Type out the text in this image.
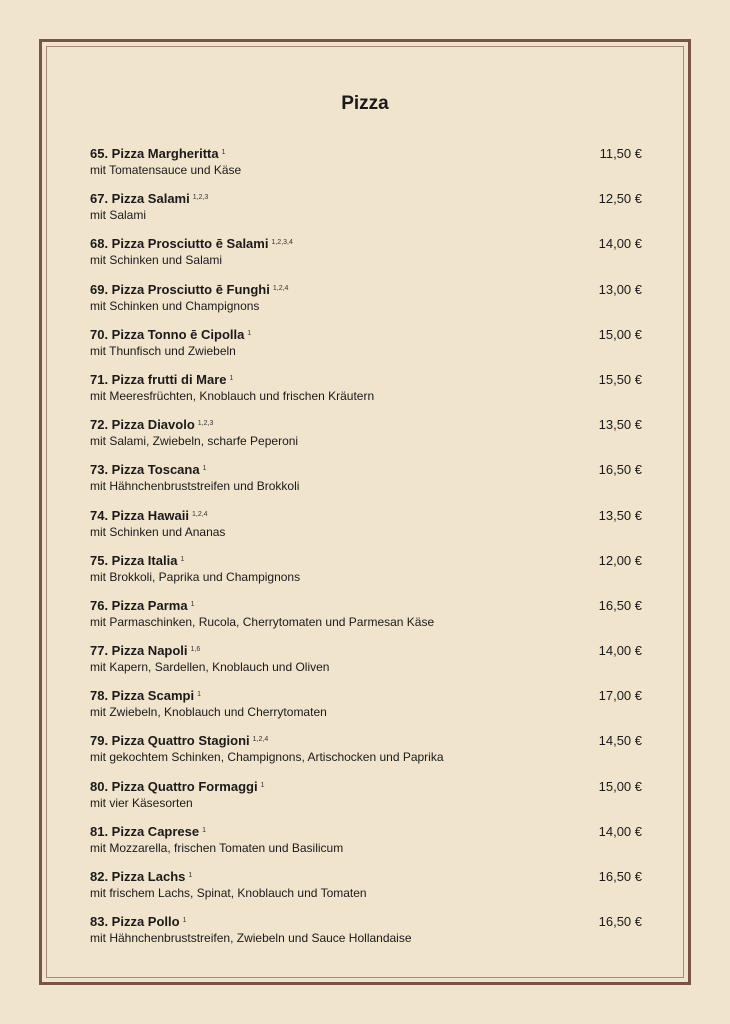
Pizza
65. Pizza Margheritta $^1$
mit Tomatensauce und Käse
11,50 €
67. Pizza Salami $^{1,2,3}$
mit Salami
12,50 €
68. Pizza Prosciutto ē Salami $^{1,2,3,4}$
mit Schinken und Salami
14,00 €
69. Pizza Prosciutto ē Funghi $^{1,2,4}$
mit Schinken und Champignons
13,00 €
70. Pizza Tonno ē Cipolla $^1$
mit Thunfisch und Zwiebeln
15,00 €
71. Pizza frutti di Mare $^1$
mit Meeresfrüchten, Knoblauch und frischen Kräutern
15,50 €
72. Pizza Diavolo $^{1,2,3}$
mit Salami, Zwiebeln, scharfe Peperoni
13,50 €
73. Pizza Toscana $^1$
mit Hähnchenbruststreifen und Brokkoli
16,50 €
74. Pizza Hawaii $^{1,2,4}$
mit Schinken und Ananas
13,50 €
75. Pizza Italia $^1$
mit Brokkoli, Paprika und Champignons
12,00 €
76. Pizza Parma $^1$
mit Parmaschinken, Rucola, Cherrytomaten und Parmesan Käse
16,50 €
77. Pizza Napoli $^{1,6}$
mit Kapern, Sardellen, Knoblauch und Oliven
14,00 €
78. Pizza Scampi $^1$
mit Zwiebeln, Knoblauch und Cherrytomaten
17,00 €
79. Pizza Quattro Stagioni $^{1,2,4}$
mit gekochtem Schinken, Champignons, Artischocken und Paprika
14,50 €
80. Pizza Quattro Formaggi $^1$
mit vier Käsesorten
15,00 €
81. Pizza Caprese $^1$
mit Mozzarella, frischen Tomaten und Basilicum
14,00 €
82. Pizza Lachs $^1$
mit frischem Lachs, Spinat, Knoblauch und Tomaten
16,50 €
83. Pizza Pollo $^1$
mit Hähnchenbruststreifen, Zwiebeln und Sauce Hollandaise
16,50 €
